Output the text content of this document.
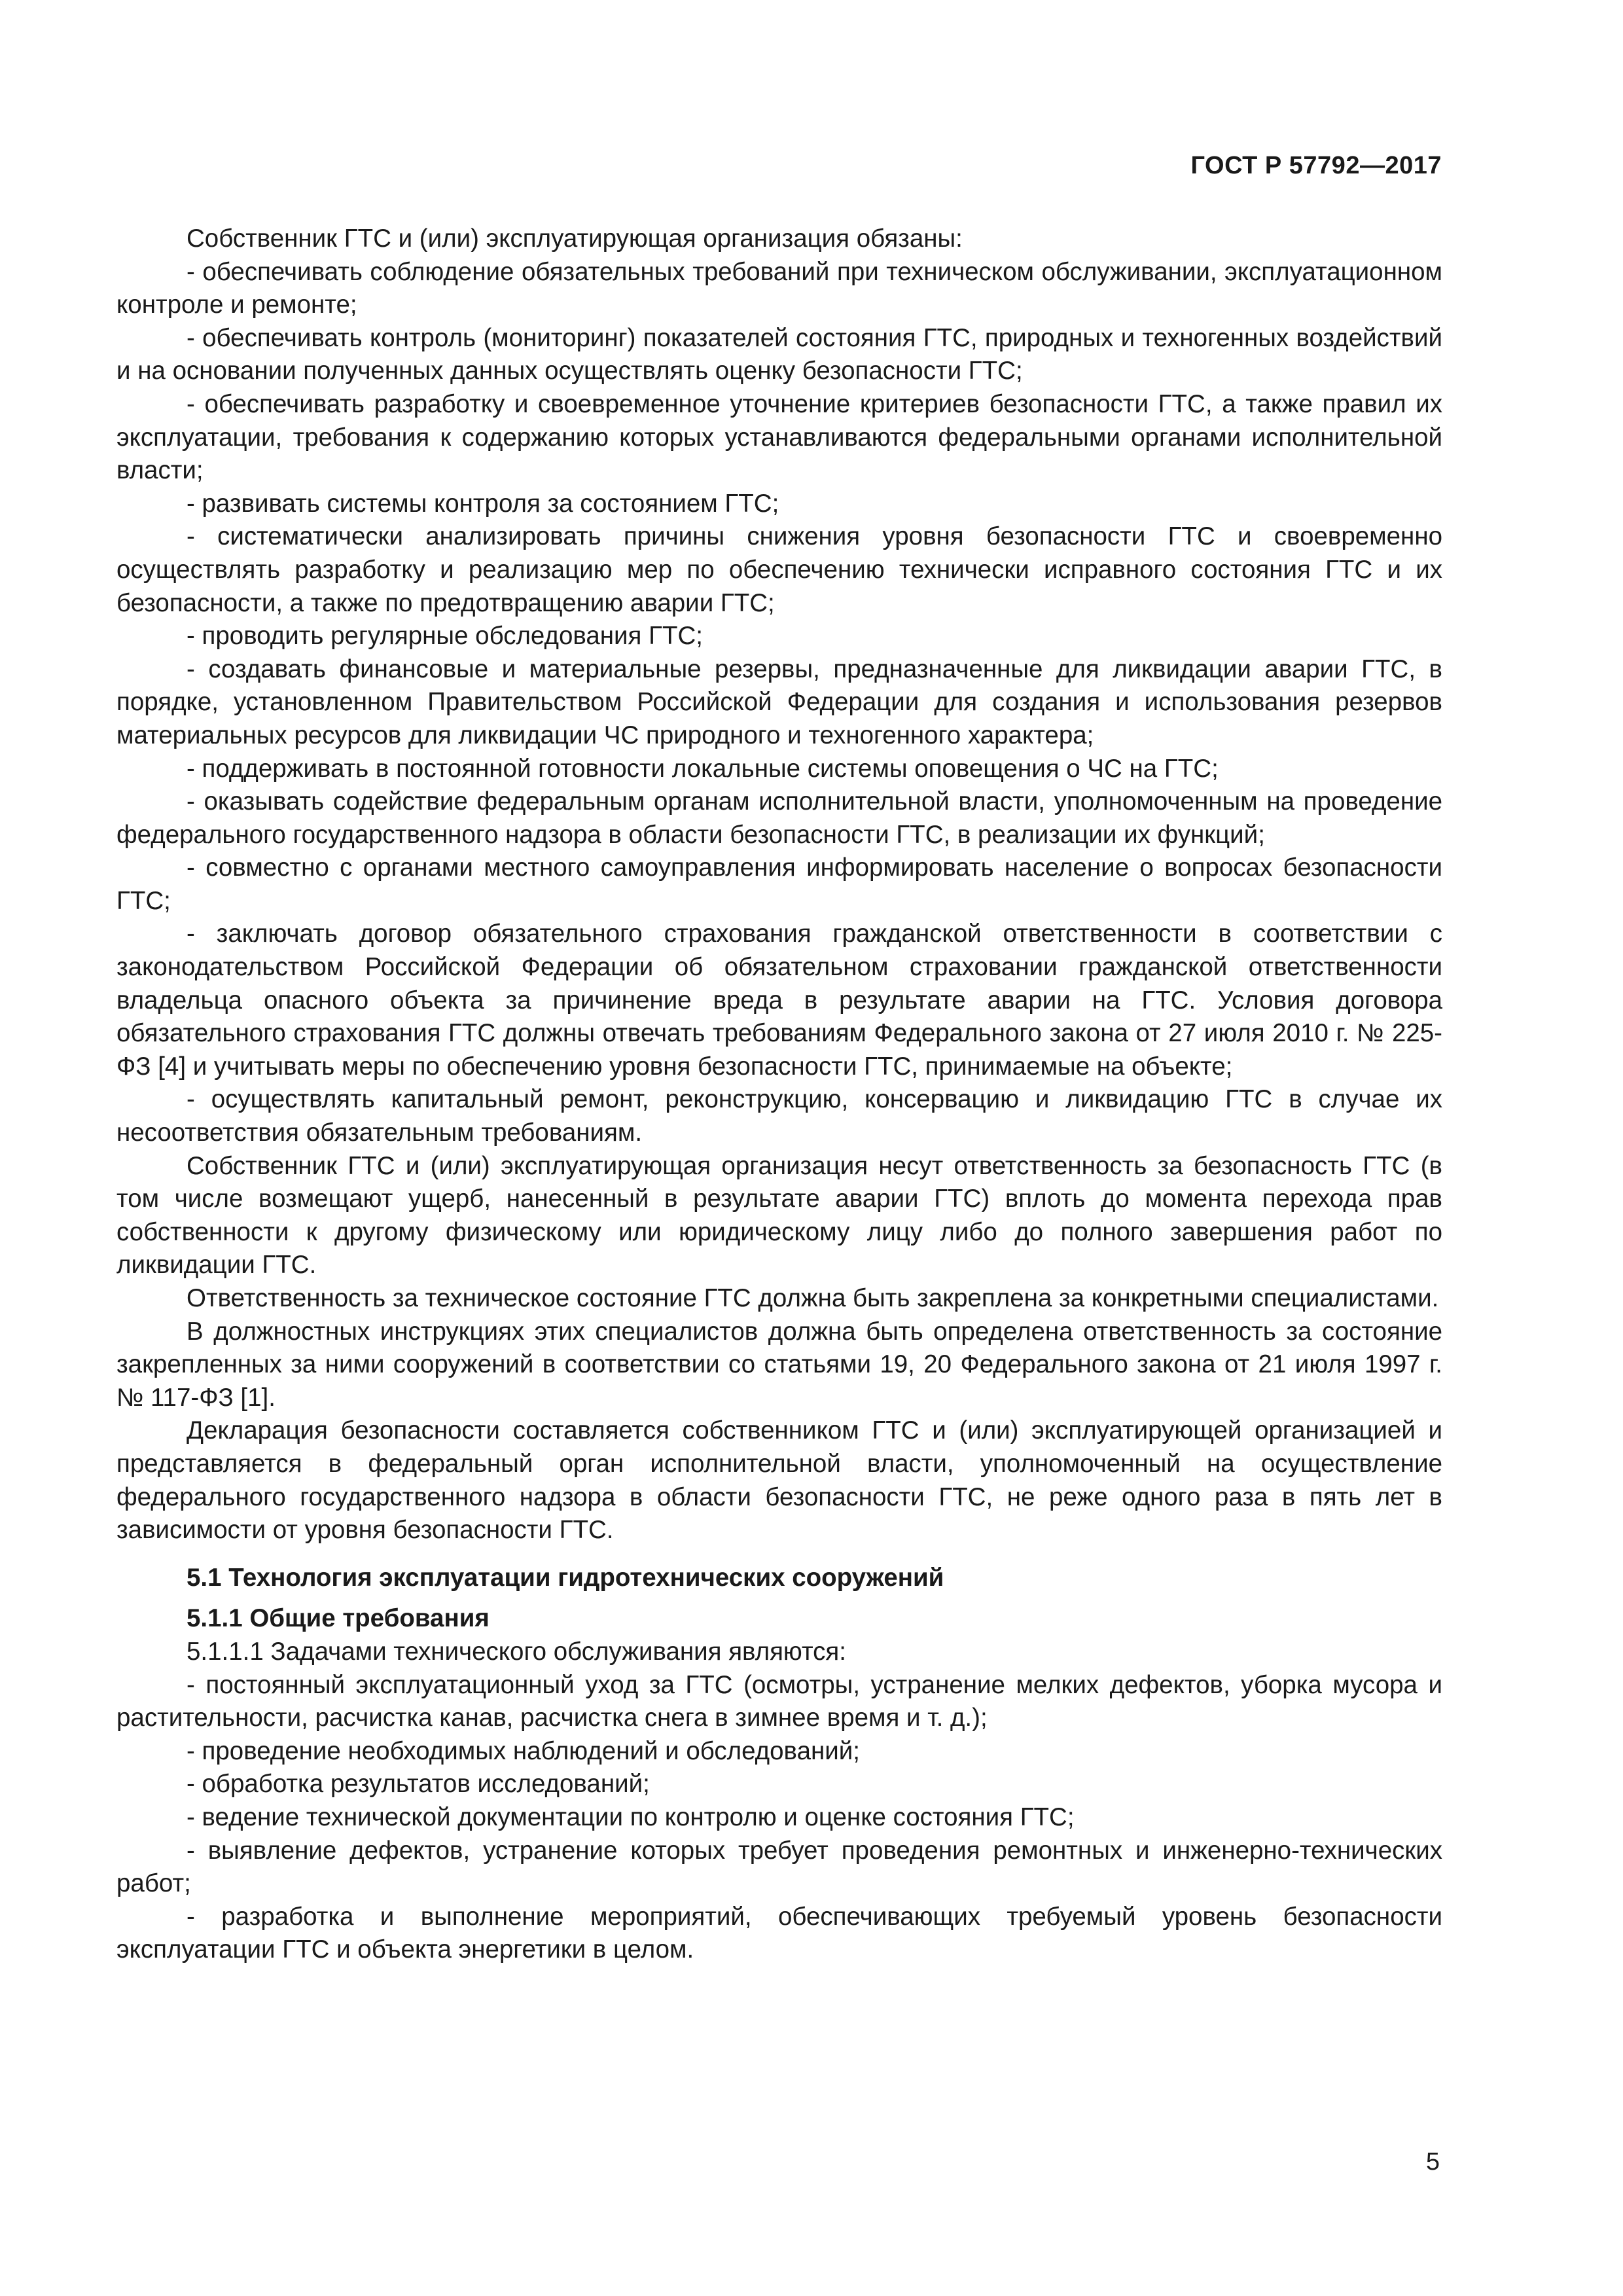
ГОСТ Р 57792—2017

Собственник ГТС и (или) эксплуатирующая организация обязаны:

- обеспечивать соблюдение обязательных требований при техническом обслуживании, эксплуатационном контроле и ремонте;

- обеспечивать контроль (мониторинг) показателей состояния ГТС, природных и техногенных воздействий и на основании полученных данных осуществлять оценку безопасности ГТС;

- обеспечивать разработку и своевременное уточнение критериев безопасности ГТС, а также правил их эксплуатации, требования к содержанию которых устанавливаются федеральными органами исполнительной власти;

- развивать системы контроля за состоянием ГТС;

- систематически анализировать причины снижения уровня безопасности ГТС и своевременно осуществлять разработку и реализацию мер по обеспечению технически исправного состояния ГТС и их безопасности, а также по предотвращению аварии ГТС;

- проводить регулярные обследования ГТС;

- создавать финансовые и материальные резервы, предназначенные для ликвидации аварии ГТС, в порядке, установленном Правительством Российской Федерации для создания и использования резервов материальных ресурсов для ликвидации ЧС природного и техногенного характера;

- поддерживать в постоянной готовности локальные системы оповещения о ЧС на ГТС;

- оказывать содействие федеральным органам исполнительной власти, уполномоченным на проведение федерального государственного надзора в области безопасности ГТС, в реализации их функций;

- совместно с органами местного самоуправления информировать население о вопросах безопасности ГТС;

- заключать договор обязательного страхования гражданской ответственности в соответствии с законодательством Российской Федерации об обязательном страховании гражданской ответственности владельца опасного объекта за причинение вреда в результате аварии на ГТС. Условия договора обязательного страхования ГТС должны отвечать требованиям Федерального закона от 27 июля 2010 г. № 225-ФЗ [4] и учитывать меры по обеспечению уровня безопасности ГТС, принимаемые на объекте;

- осуществлять капитальный ремонт, реконструкцию, консервацию и ликвидацию ГТС в случае их несоответствия обязательным требованиям.

Собственник ГТС и (или) эксплуатирующая организация несут ответственность за безопасность ГТС (в том числе возмещают ущерб, нанесенный в результате аварии ГТС) вплоть до момента перехода прав собственности к другому физическому или юридическому лицу либо до полного завершения работ по ликвидации ГТС.

Ответственность за техническое состояние ГТС должна быть закреплена за конкретными специалистами.

В должностных инструкциях этих специалистов должна быть определена ответственность за состояние закрепленных за ними сооружений в соответствии со статьями 19, 20 Федерального закона от 21 июля 1997 г. № 117-ФЗ [1].

Декларация безопасности составляется собственником ГТС и (или) эксплуатирующей организацией и представляется в федеральный орган исполнительной власти, уполномоченный на осуществление федерального государственного надзора в области безопасности ГТС, не реже одного раза в пять лет в зависимости от уровня безопасности ГТС.

5.1 Технология эксплуатации гидротехнических сооружений
5.1.1 Общие требования

5.1.1.1 Задачами технического обслуживания являются:

- постоянный эксплуатационный уход за ГТС (осмотры, устранение мелких дефектов, уборка мусора и растительности, расчистка канав, расчистка снега в зимнее время и т. д.);

- проведение необходимых наблюдений и обследований;

- обработка результатов исследований;

- ведение технической документации по контролю и оценке состояния ГТС;

- выявление дефектов, устранение которых требует проведения ремонтных и инженерно-технических работ;

- разработка и выполнение мероприятий, обеспечивающих требуемый уровень безопасности эксплуатации ГТС и объекта энергетики в целом.

5
